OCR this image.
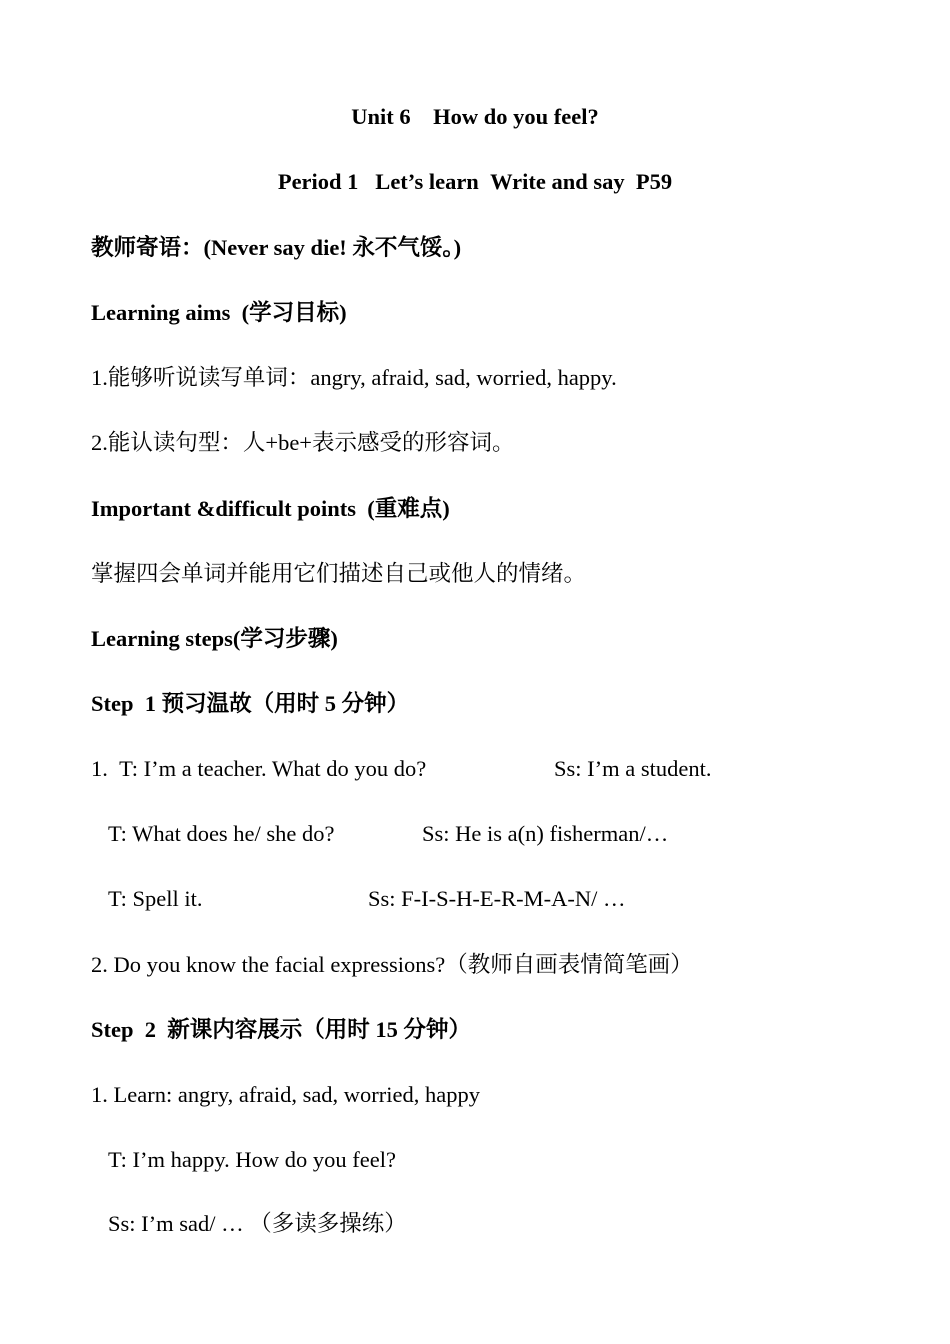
Unit 6    How do you feel?
Period 1   Let’s learn  Write and say  P59
教师寄语：(Never say die! 永不气馁。)
Learning aims  (学习目标)
1.能够听说读写单词：angry, afraid, sad, worried, happy.
2.能认读句型：人+be+表示感受的形容词。
Important &difficult points  (重难点)
掌握四会单词并能用它们描述自己或他人的情绪。
Learning steps(学习步骤)
Step  1 预习温故（用时 5 分钟）
1.  T: I’m a teacher. What do you do?	Ss: I’m a student.
T: What does he/ she do?	Ss: He is a(n) fisherman/…
T: Spell it.	Ss: F-I-S-H-E-R-M-A-N/ …
2. Do you know the facial expressions?（教师自画表情简笔画）
Step  2  新课内容展示（用时 15 分钟）
1. Learn: angry, afraid, sad, worried, happy
T: I’m happy. How do you feel?
Ss: I’m sad/ … （多读多操练）
